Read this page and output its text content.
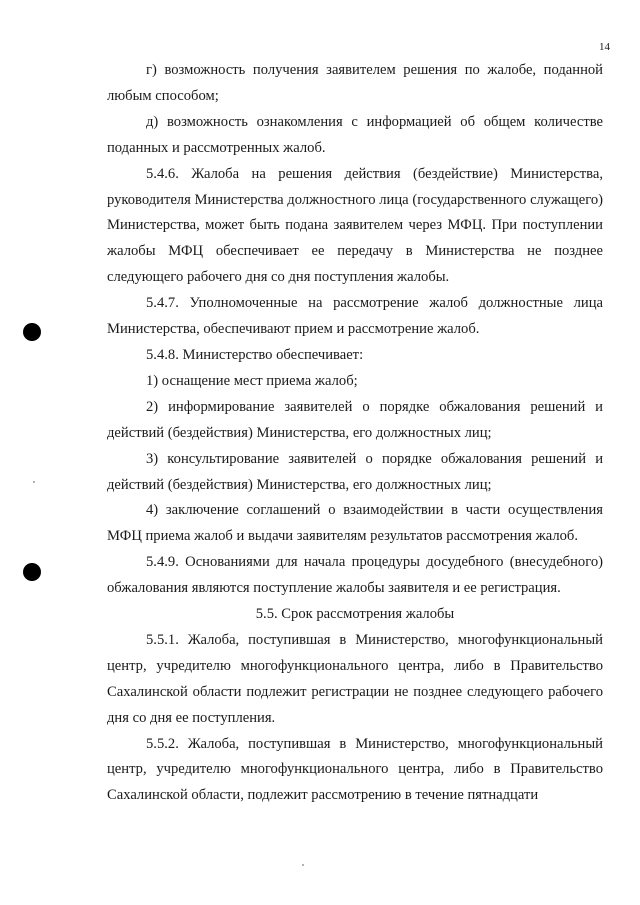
14

г) возможность получения заявителем решения по жалобе, поданной любым способом;

д) возможность ознакомления с информацией об общем количестве поданных и рассмотренных жалоб.

5.4.6. Жалоба на решения действия (бездействие) Министерства, руководителя Министерства должностного лица (государственного служащего) Министерства, может быть подана заявителем через МФЦ. При поступлении жалобы МФЦ обеспечивает ее передачу в Министерства не позднее следующего рабочего дня со дня поступления жалобы.

5.4.7. Уполномоченные на рассмотрение жалоб должностные лица Министерства, обеспечивают прием и рассмотрение жалоб.

5.4.8. Министерство обеспечивает:

1) оснащение мест приема жалоб;

2) информирование заявителей о порядке обжалования решений и действий (бездействия) Министерства, его должностных лиц;

3) консультирование заявителей о порядке обжалования решений и действий (бездействия) Министерства, его должностных лиц;

4) заключение соглашений о взаимодействии в части осуществления МФЦ приема жалоб и выдачи заявителям результатов рассмотрения жалоб.

5.4.9. Основаниями для начала процедуры досудебного (внесудебного) обжалования являются поступление жалобы заявителя и ее регистрация.

5.5. Срок рассмотрения жалобы

5.5.1. Жалоба, поступившая в Министерство, многофункциональный центр, учредителю многофункционального центра, либо в Правительство Сахалинской области подлежит регистрации не позднее следующего рабочего дня со дня ее поступления.

5.5.2. Жалоба, поступившая в Министерство, многофункциональный центр, учредителю многофункционального центра, либо в Правительство Сахалинской области, подлежит рассмотрению в течение пятнадцати
